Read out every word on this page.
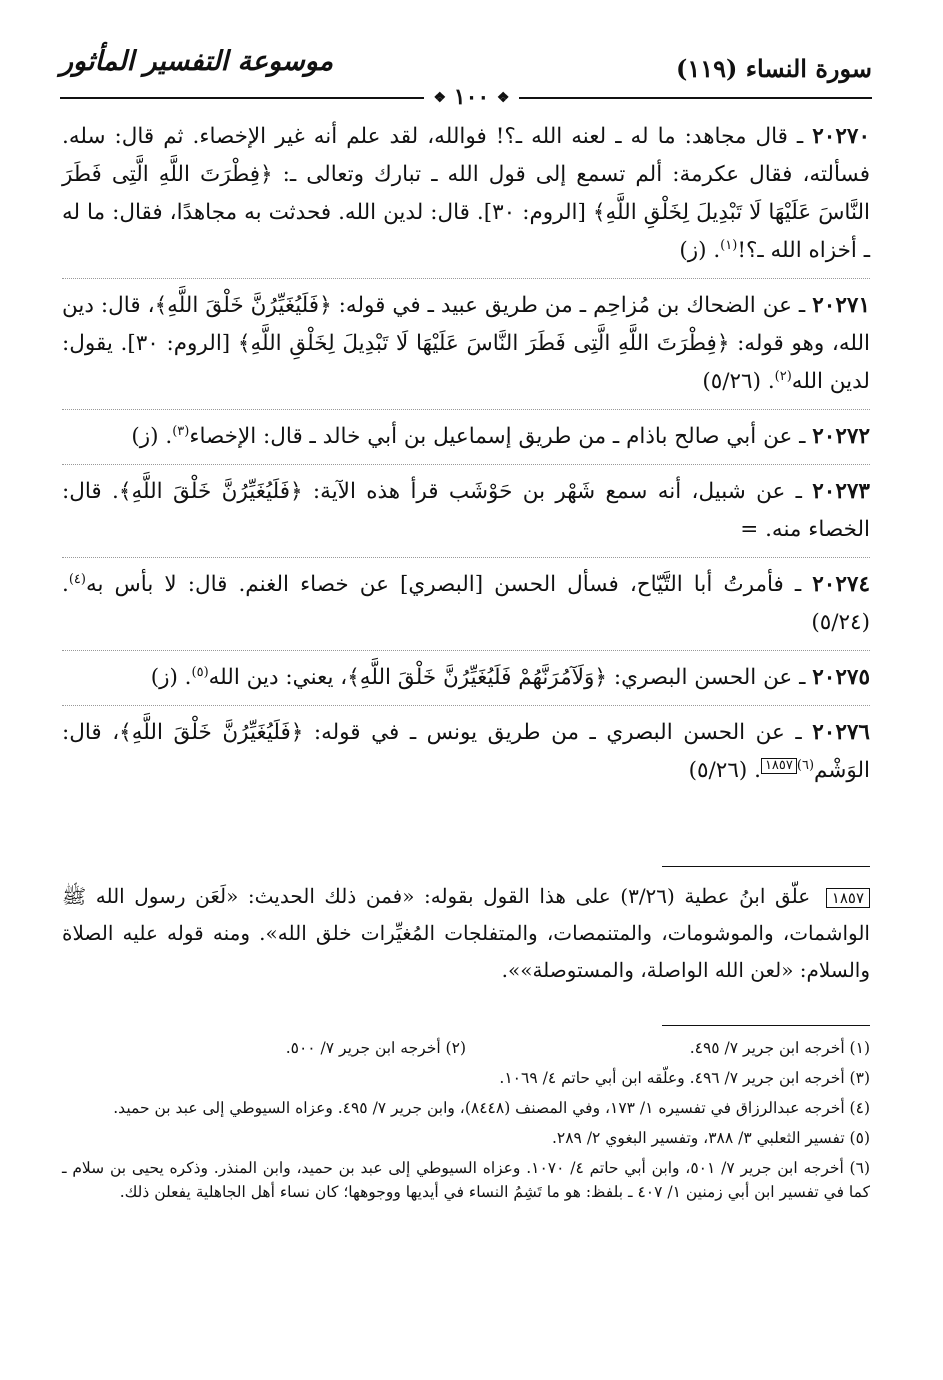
سورة النساء (١١٩)
موسوعة التفسير المأثور
❖ ١٠٠ ❖

٢٠٢٧٠ ـ قال مجاهد: ما له ـ لعنه الله ـ؟! فوالله، لقد علم أنه غير الإخصاء. ثم قال: سله. فسألته، فقال عكرمة: ألم تسمع إلى قول الله ـ تبارك وتعالى ـ: ﴿فِطْرَتَ اللَّهِ الَّتِى فَطَرَ النَّاسَ عَلَيْهَا لَا تَبْدِيلَ لِخَلْقِ اللَّهِ﴾ [الروم: ٣٠]. قال: لدين الله. فحدثت به مجاهدًا، فقال: ما له ـ أخزاه الله ـ؟!$^{(١)}$. (ز)

٢٠٢٧١ ـ عن الضحاك بن مُزاحِم ـ من طريق عبيد ـ في قوله: ﴿فَلَيُغَيِّرُنَّ خَلْقَ اللَّهِ﴾، قال: دين الله، وهو قوله: ﴿فِطْرَتَ اللَّهِ الَّتِى فَطَرَ النَّاسَ عَلَيْهَا لَا تَبْدِيلَ لِخَلْقِ اللَّهِ﴾ [الروم: ٣٠]. يقول: لدين الله$^{(٢)}$. (٥/٢٦)

٢٠٢٧٢ ـ عن أبي صالح باذام ـ من طريق إسماعيل بن أبي خالد ـ قال: الإخصاء$^{(٣)}$. (ز)

٢٠٢٧٣ ـ عن شبيل، أنه سمع شَهْر بن حَوْشَب قرأ هذه الآية: ﴿فَلَيُغَيِّرُنَّ خَلْقَ اللَّهِ﴾. قال: الخصاء منه. =

٢٠٢٧٤ ـ فأمرتُ أبا التَّيّاح، فسأل الحسن [البصري] عن خصاء الغنم. قال: لا بأس به$^{(٤)}$. (٥/٢٤)

٢٠٢٧٥ ـ عن الحسن البصري: ﴿وَلَآمُرَنَّهُمْ فَلَيُغَيِّرُنَّ خَلْقَ اللَّهِ﴾، يعني: دين الله$^{(٥)}$. (ز)

٢٠٢٧٦ ـ عن الحسن البصري ـ من طريق يونس ـ في قوله: ﴿فَلَيُغَيِّرُنَّ خَلْقَ اللَّهِ﴾، قال: الوَشْم$^{(٦)}$١٨٥٧. (٥/٢٦)

١٨٥٧ علّق ابنُ عطية (٣/٢٦) على هذا القول بقوله: «فمن ذلك الحديث: «لَعَن رسول الله ﷺ الواشمات، والموشومات، والمتنمصات، والمتفلجات المُغيِّرات خلق الله». ومنه قوله عليه الصلاة والسلام: «لعن الله الواصلة، والمستوصلة»».
(١) أخرجه ابن جرير ٧/ ٤٩٥.
(٢) أخرجه ابن جرير ٧/ ٥٠٠.
(٣) أخرجه ابن جرير ٧/ ٤٩٦. وعلّقه ابن أبي حاتم ٤/ ١٠٦٩.
(٤) أخرجه عبدالرزاق في تفسيره ١/ ١٧٣، وفي المصنف (٨٤٤٨)، وابن جرير ٧/ ٤٩٥. وعزاه السيوطي إلى عبد بن حميد.
(٥) تفسير الثعلبي ٣/ ٣٨٨، وتفسير البغوي ٢/ ٢٨٩.
(٦) أخرجه ابن جرير ٧/ ٥٠١، وابن أبي حاتم ٤/ ١٠٧٠. وعزاه السيوطي إلى عبد بن حميد، وابن المنذر. وذكره يحيى بن سلام ـ كما في تفسير ابن أبي زمنين ١/ ٤٠٧ ـ بلفظ: هو ما تَشِمُ النساء في أيديها ووجوهها؛ كان نساء أهل الجاهلية يفعلن ذلك.
